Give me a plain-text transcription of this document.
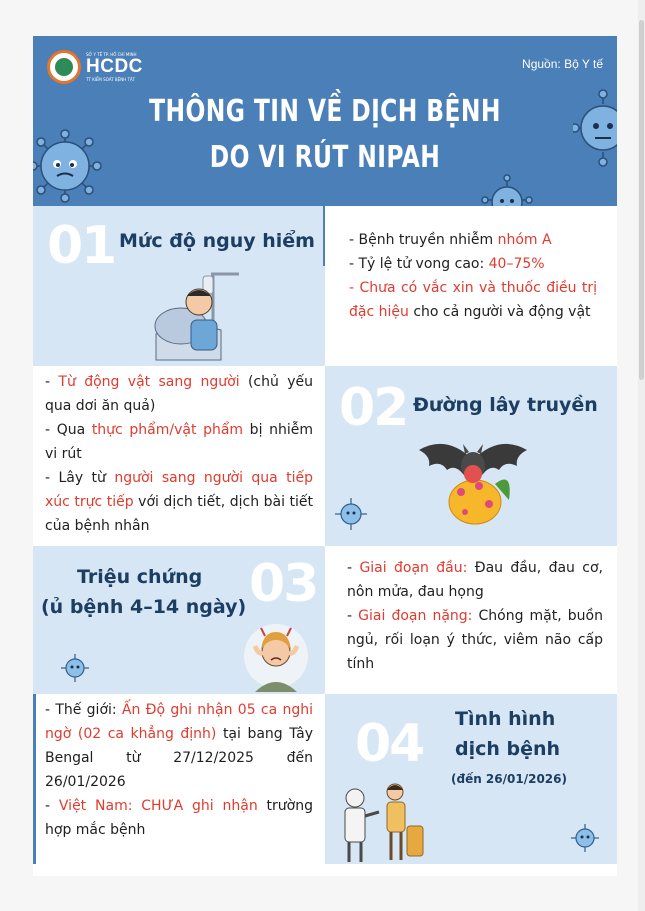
SỞ Y TẾ TP. HỒ CHÍ MINH
HCDC
TT KIỂM SOÁT BỆNH TẬT
Nguồn: Bộ Y tế
THÔNG TIN VỀ DỊCH BỆNH
DO VI RÚT NIPAH
01 Mức độ nguy hiểm - Bệnh truyền nhiễm nhóm A

- Tỷ lệ tử vong cao: 40–75%

- Chưa có vắc xin và thuốc điều trị đặc hiệu cho cả người và động vật

- Từ động vật sang người (chủ yếu qua dơi ăn quả)

- Qua thực phẩm/vật phẩm bị nhiễm vi rút

- Lây từ người sang người qua tiếp xúc trực tiếp với dịch tiết, dịch bài tiết của bệnh nhân

02 Đường lây truyền
Triệu chứng
(ủ bệnh 4–14 ngày) 03 - Giai đoạn đầu: Đau đầu, đau cơ, nôn mửa, đau họng

- Giai đoạn nặng: Chóng mặt, buồn ngủ, rối loạn ý thức, viêm não cấp tính

- Thế giới: Ấn Độ ghi nhận 05 ca nghi ngờ (02 ca khẳng định) tại bang Tây Bengal từ 27/12/2025 đến 26/01/2026

- Việt Nam: CHƯA ghi nhận trường hợp mắc bệnh

04 Tình hình
dịch bệnh
(đến 26/01/2026)
